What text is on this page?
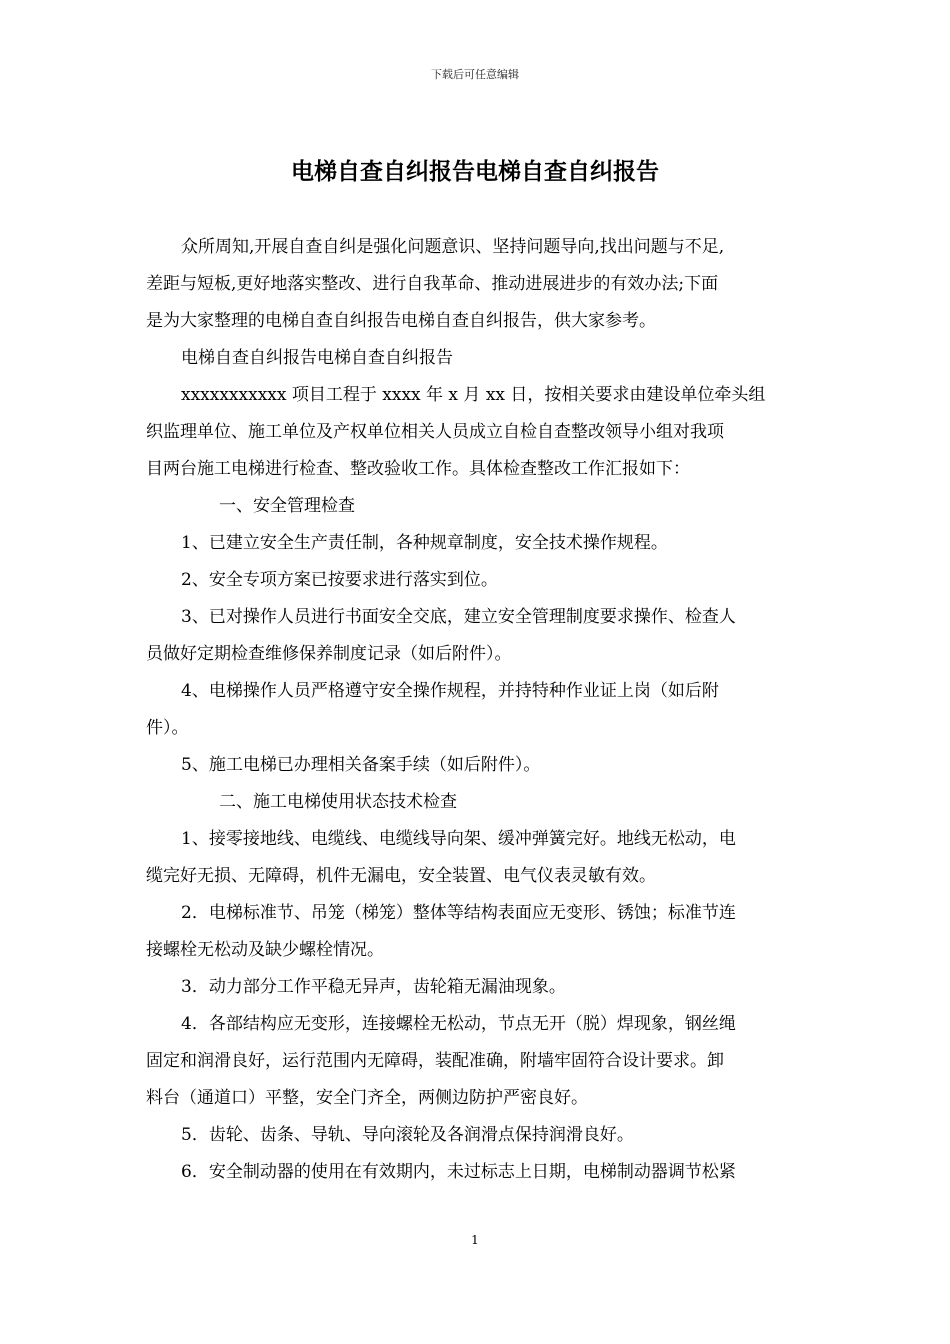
下载后可任意编辑
电梯自查自纠报告电梯自查自纠报告
众所周知,开展自查自纠是强化问题意识、坚持问题导向,找出问题与不足,
差距与短板,更好地落实整改、进行自我革命、推动进展进步的有效办法;下面
是为大家整理的电梯自查自纠报告电梯自查自纠报告，供大家参考。
电梯自查自纠报告电梯自查自纠报告
xxxxxxxxxxx 项目工程于 xxxx 年 x 月 xx 日，按相关要求由建设单位牵头组
织监理单位、施工单位及产权单位相关人员成立自检自查整改领导小组对我项
目两台施工电梯进行检查、整改验收工作。具体检查整改工作汇报如下：
一、安全管理检查
1、已建立安全生产责任制，各种规章制度，安全技术操作规程。
2、安全专项方案已按要求进行落实到位。
3、已对操作人员进行书面安全交底，建立安全管理制度要求操作、检查人
员做好定期检查维修保养制度记录（如后附件）。
4、电梯操作人员严格遵守安全操作规程，并持特种作业证上岗（如后附
件）。
5、施工电梯已办理相关备案手续（如后附件）。
二、施工电梯使用状态技术检查
1、接零接地线、电缆线、电缆线导向架、缓冲弹簧完好。地线无松动，电
缆完好无损、无障碍，机件无漏电，安全装置、电气仪表灵敏有效。
2．电梯标准节、吊笼（梯笼）整体等结构表面应无变形、锈蚀；标准节连
接螺栓无松动及缺少螺栓情况。
3．动力部分工作平稳无异声，齿轮箱无漏油现象。
4．各部结构应无变形，连接螺栓无松动，节点无开（脱）焊现象，钢丝绳
固定和润滑良好，运行范围内无障碍，装配准确，附墙牢固符合设计要求。卸
料台（通道口）平整，安全门齐全，两侧边防护严密良好。
5．齿轮、齿条、导轨、导向滚轮及各润滑点保持润滑良好。
6．安全制动器的使用在有效期内，未过标志上日期，电梯制动器调节松紧
1
